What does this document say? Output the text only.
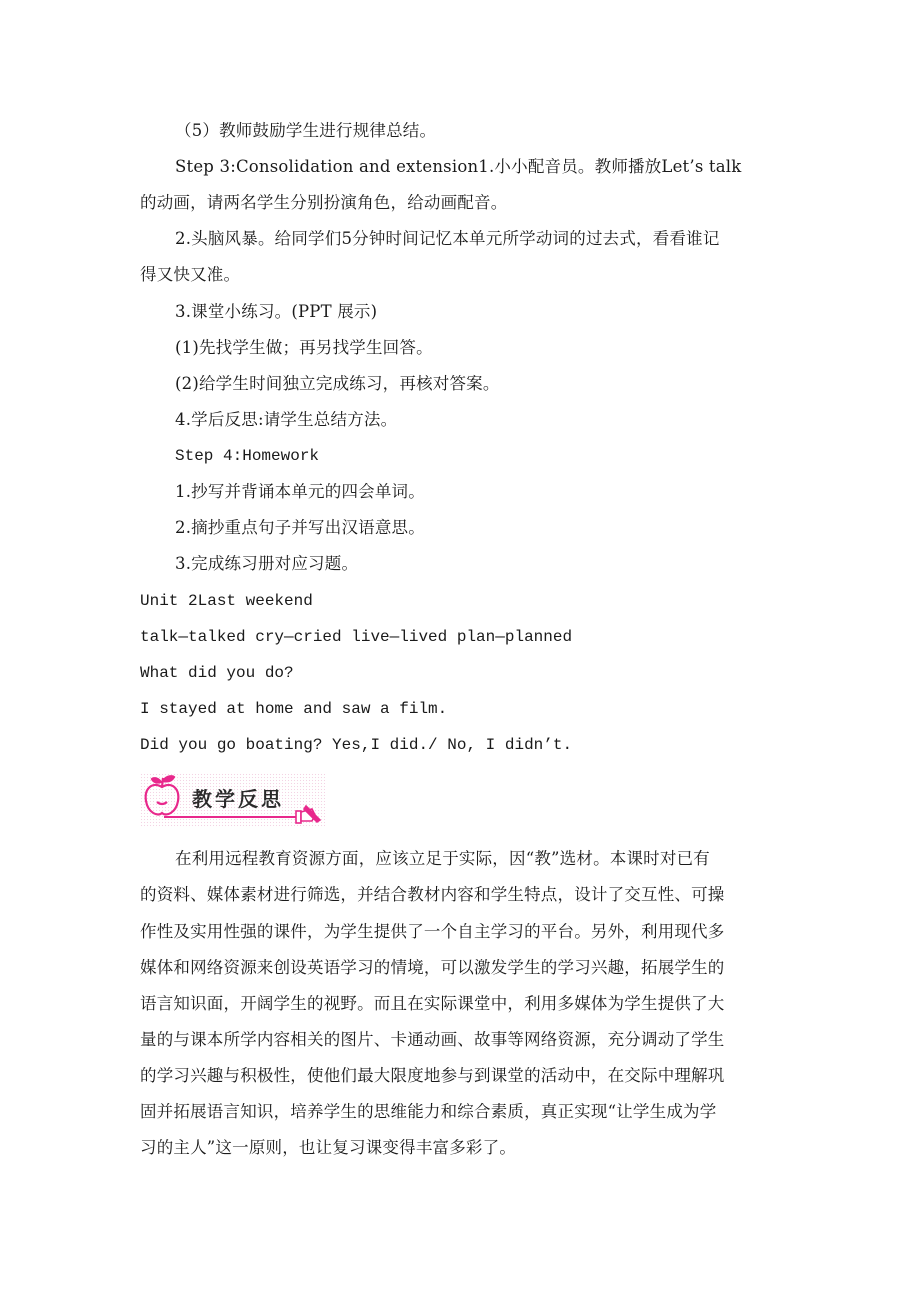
（5）教师鼓励学生进行规律总结。
Step 3:Consolidation and extension1.小小配音员。教师播放Let’s talk
的动画，请两名学生分别扮演角色，给动画配音。
2.头脑风暴。给同学们5分钟时间记忆本单元所学动词的过去式，看看谁记
得又快又准。
3.课堂小练习。(PPT 展示)
(1)先找学生做；再另找学生回答。
(2)给学生时间独立完成练习，再核对答案。
4.学后反思:请学生总结方法。
Step 4:Homework
1.抄写并背诵本单元的四会单词。
2.摘抄重点句子并写出汉语意思。
3.完成练习册对应习题。
Unit 2Last weekend
talk—talked cry—cried live—lived plan—planned
What did you do?
I stayed at home and saw a film.
Did you go boating? Yes,I did./ No, I didn’t.
教学反思
在利用远程教育资源方面，应该立足于实际，因“教”选材。本课时对已有
的资料、媒体素材进行筛选，并结合教材内容和学生特点，设计了交互性、可操
作性及实用性强的课件，为学生提供了一个自主学习的平台。另外，利用现代多
媒体和网络资源来创设英语学习的情境，可以激发学生的学习兴趣，拓展学生的
语言知识面，开阔学生的视野。而且在实际课堂中，利用多媒体为学生提供了大
量的与课本所学内容相关的图片、卡通动画、故事等网络资源，充分调动了学生
的学习兴趣与积极性，使他们最大限度地参与到课堂的活动中，在交际中理解巩
固并拓展语言知识，培养学生的思维能力和综合素质，真正实现“让学生成为学
习的主人”这一原则，也让复习课变得丰富多彩了。
